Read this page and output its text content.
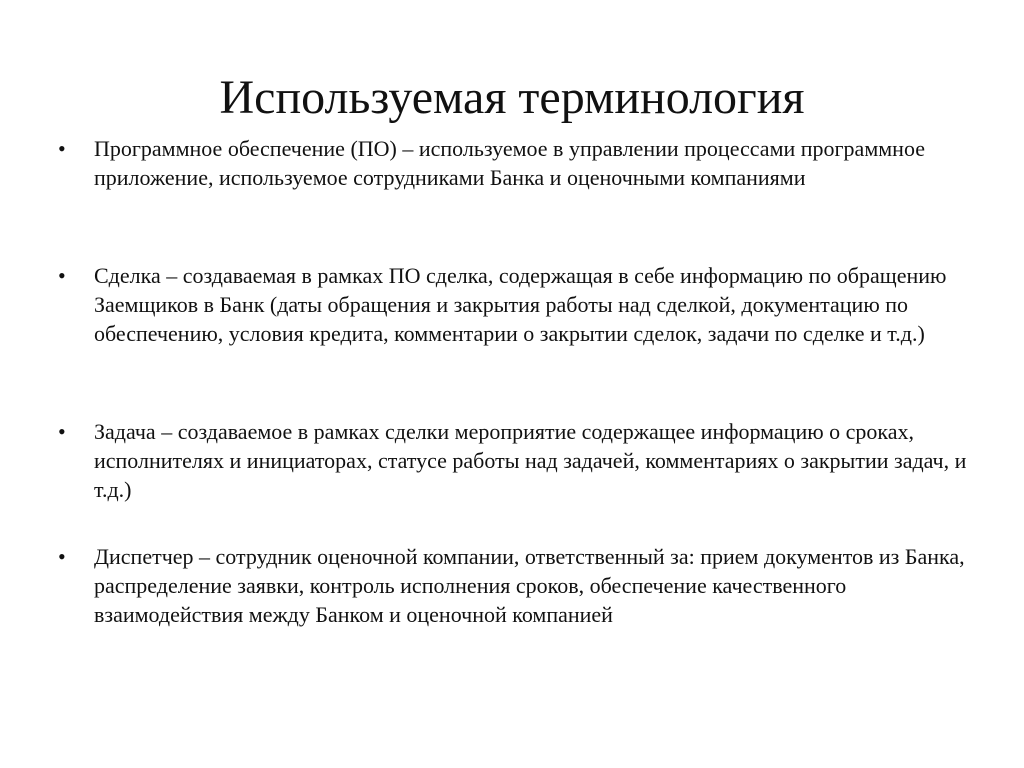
Используемая терминология
•	Программное обеспечение (ПО) – используемое в управлении процессами программное приложение, используемое сотрудниками Банка и оценочными компаниями

•	Сделка – создаваемая в рамках ПО сделка, содержащая в себе информацию по обращению Заемщиков в Банк (даты обращения и закрытия работы над сделкой, документацию по обеспечению, условия кредита, комментарии о закрытии сделок, задачи по сделке и т.д.)

•	Задача – создаваемое в рамках сделки мероприятие содержащее информацию о сроках, исполнителях и инициаторах, статусе работы над задачей, комментариях о закрытии задач, и т.д.)

•	Диспетчер – сотрудник оценочной компании, ответственный за: прием документов из Банка, распределение заявки, контроль исполнения сроков, обеспечение качественного взаимодействия между Банком и оценочной компанией
